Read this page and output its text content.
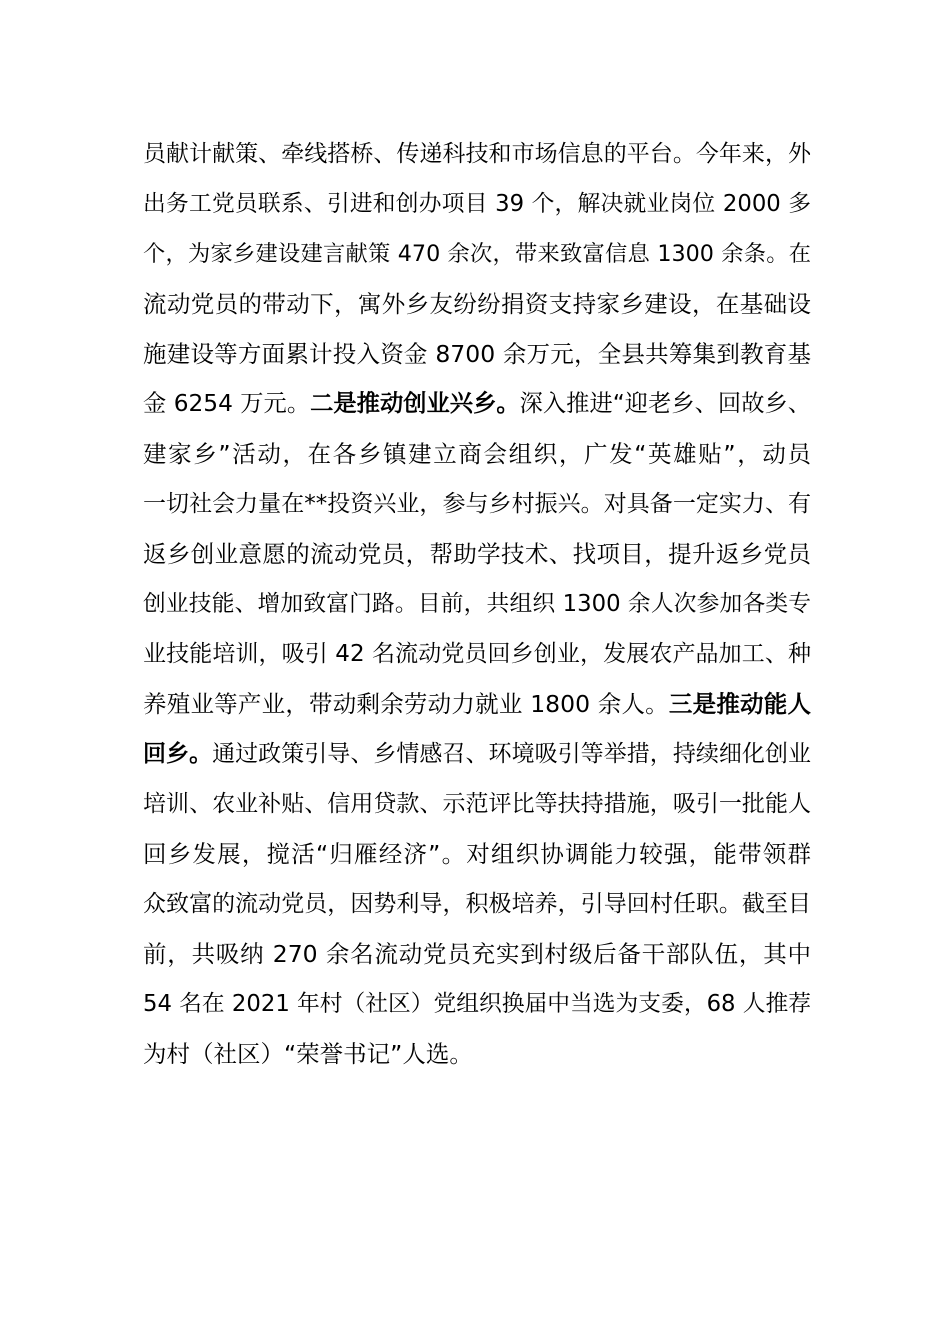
员献计献策、牵线搭桥、传递科技和市场信息的平台。今年来，外
出务工党员联系、引进和创办项目 39 个，解决就业岗位 2000 多
个，为家乡建设建言献策 470 余次，带来致富信息 1300 余条。在
流动党员的带动下，寓外乡友纷纷捐资支持家乡建设，在基础设
施建设等方面累计投入资金 8700 余万元，全县共筹集到教育基
金 6254 万元。二是推动创业兴乡。深入推进“迎老乡、回故乡、
建家乡”活动，在各乡镇建立商会组织，广发“英雄贴”，动员
一切社会力量在**投资兴业，参与乡村振兴。对具备一定实力、有
返乡创业意愿的流动党员，帮助学技术、找项目，提升返乡党员
创业技能、增加致富门路。目前，共组织 1300 余人次参加各类专
业技能培训，吸引 42 名流动党员回乡创业，发展农产品加工、种
养殖业等产业，带动剩余劳动力就业 1800 余人。三是推动能人
回乡。通过政策引导、乡情感召、环境吸引等举措，持续细化创业
培训、农业补贴、信用贷款、示范评比等扶持措施，吸引一批能人
回乡发展，搅活“归雁经济”。对组织协调能力较强，能带领群
众致富的流动党员，因势利导，积极培养，引导回村任职。截至目
前，共吸纳 270 余名流动党员充实到村级后备干部队伍，其中
54 名在 2021 年村（社区）党组织换届中当选为支委，68 人推荐
为村（社区）“荣誉书记”人选。
